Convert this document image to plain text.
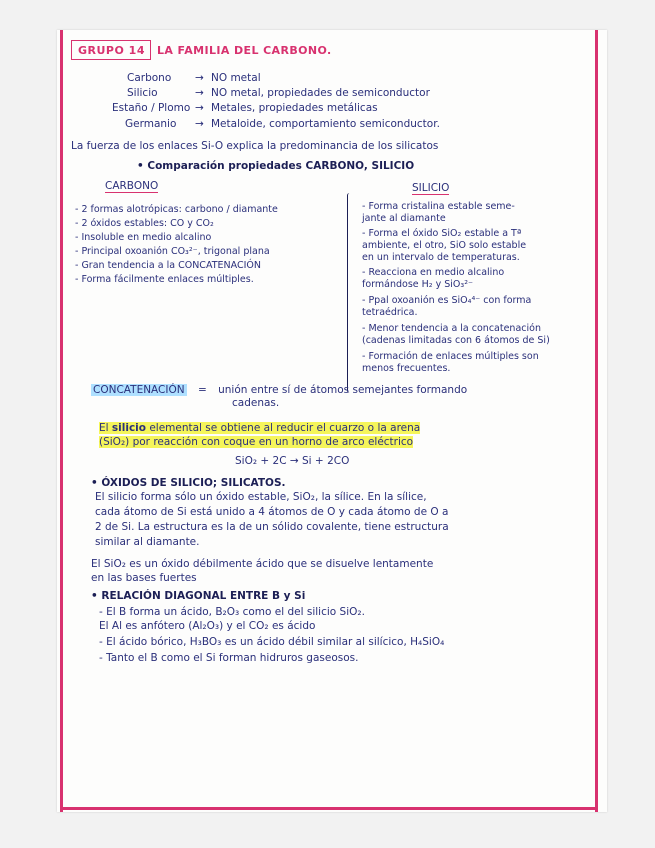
GRUPO 14 LA FAMILIA DEL CARBONO.
Carbono → NO metal
Silicio	→ NO metal, propiedades de semiconductor
Estaño / Plomo → Metales, propiedades metálicas
Germanio → Metaloide, comportamiento semiconductor.
La fuerza de los enlaces Si-O explica la predominancia de los silicatos
• Comparación propiedades CARBONO, SILICIO
CARBONO
- 2 formas alotrópicas: carbono / diamante
- 2 óxidos estables: CO y CO₂
- Insoluble en medio alcalino
- Principal oxoanión CO₃²⁻, trigonal plana
- Gran tendencia a la CONCATENACIÓN
- Forma fácilmente enlaces múltiples.
SILICIO
- Forma cristalina estable seme-
jante al diamante
- Forma el óxido SiO₂ estable a Tª
ambiente, el otro, SiO solo estable
en un intervalo de temperaturas.
- Reacciona en medio alcalino
formándose H₂ y SiO₃²⁻
- Ppal oxoanión es SiO₄⁴⁻ con forma
tetraédrica.
- Menor tendencia a la concatenación
(cadenas limitadas con 6 átomos de Si)
- Formación de enlaces múltiples son
menos frecuentes.
CONCATENACIÓN = unión entre sí de átomos semejantes formando
cadenas.
El silicio elemental se obtiene al reducir el cuarzo o la arena
(SiO₂) por reacción con coque en un horno de arco eléctrico
SiO₂ + 2C → Si + 2CO
• ÓXIDOS DE SILICIO; SILICATOS.
El silicio forma sólo un óxido estable, SiO₂, la sílice. En la sílice,
cada átomo de Si está unido a 4 átomos de O y cada átomo de O a
2 de Si. La estructura es la de un sólido covalente, tiene estructura
similar al diamante.
El SiO₂ es un óxido débilmente ácido que se disuelve lentamente
en las bases fuertes
• RELACIÓN DIAGONAL ENTRE B y Si
- El B forma un ácido, B₂O₃ como el del silicio SiO₂.
El Al es anfótero (Al₂O₃) y el CO₂ es ácido
- El ácido bórico, H₃BO₃ es un ácido débil similar al silícico, H₄SiO₄
- Tanto el B como el Si forman hidruros gaseosos.
